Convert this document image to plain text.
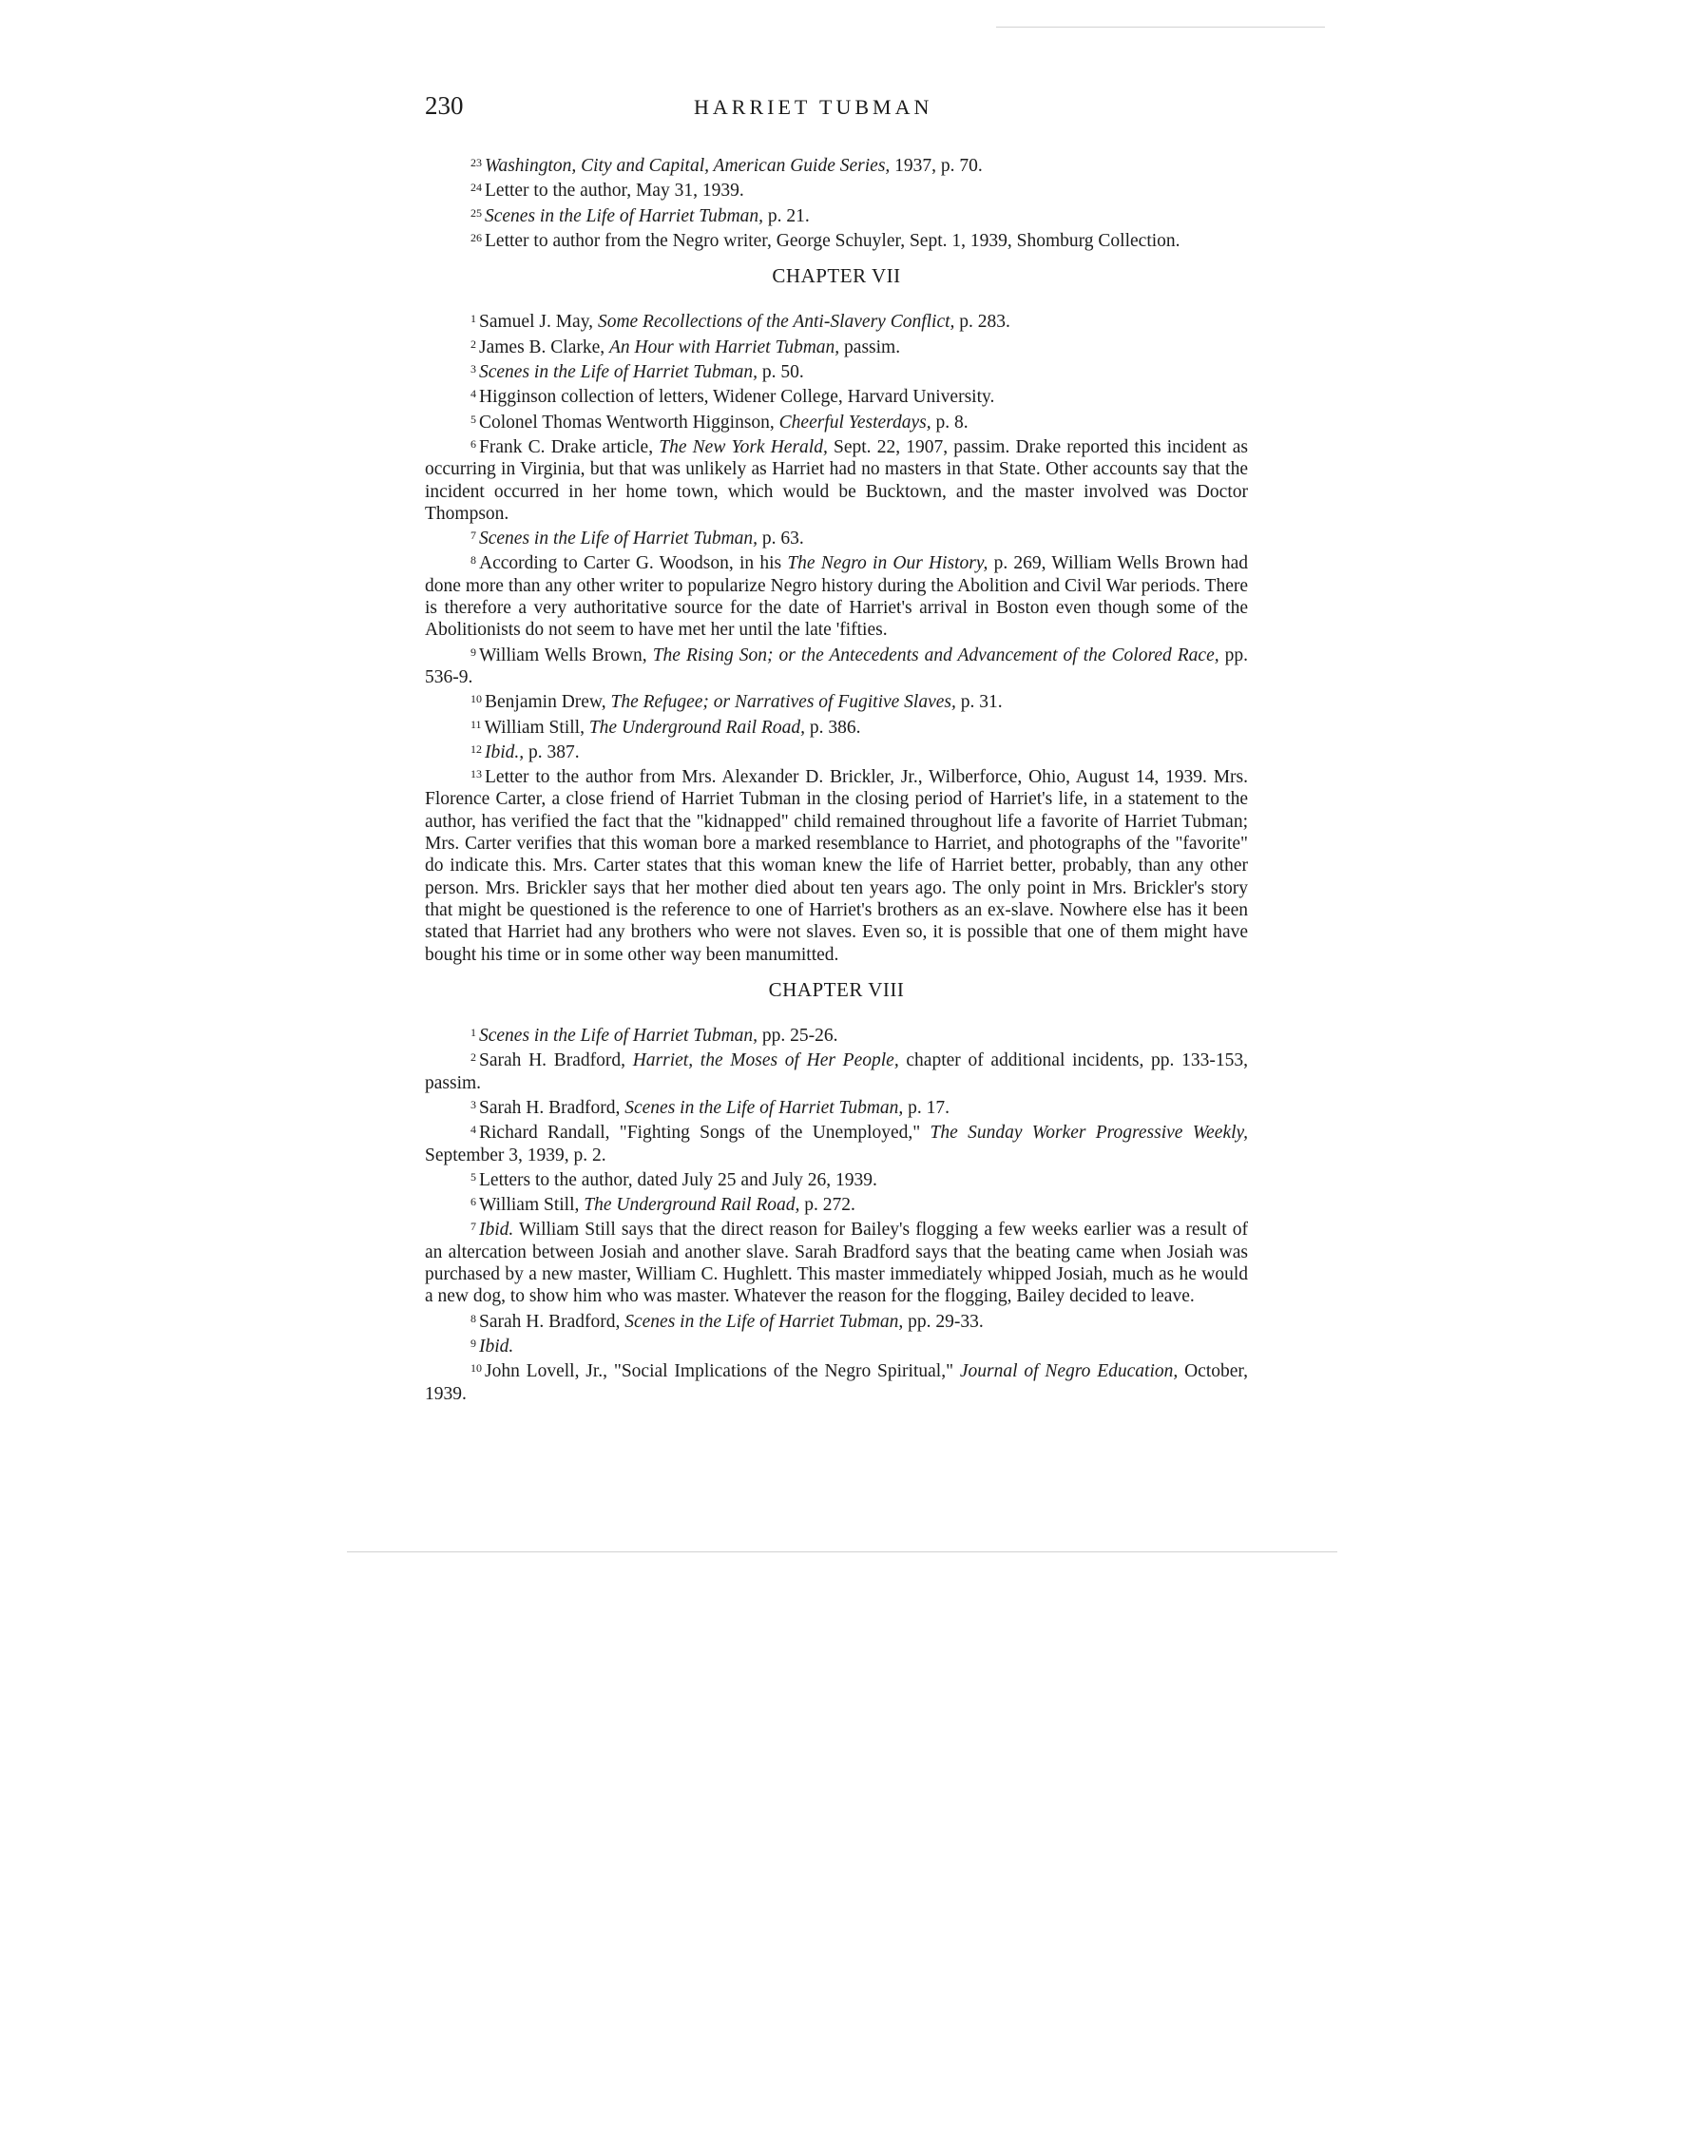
230	HARRIET TUBMAN

$^{23}$ Washington, City and Capital, American Guide Series, 1937, p. 70.

$^{24}$ Letter to the author, May 31, 1939.

$^{25}$ Scenes in the Life of Harriet Tubman, p. 21.

$^{26}$ Letter to author from the Negro writer, George Schuyler, Sept. 1, 1939, Shomburg Collection.

CHAPTER VII

$^1$ Samuel J. May, Some Recollections of the Anti-Slavery Conflict, p. 283.

$^2$ James B. Clarke, An Hour with Harriet Tubman, passim.

$^3$ Scenes in the Life of Harriet Tubman, p. 50.

$^4$ Higginson collection of letters, Widener College, Harvard University.

$^5$ Colonel Thomas Wentworth Higginson, Cheerful Yesterdays, p. 8.

$^6$ Frank C. Drake article, The New York Herald, Sept. 22, 1907, passim. Drake reported this incident as occurring in Virginia, but that was unlikely as Harriet had no masters in that State. Other accounts say that the incident occurred in her home town, which would be Bucktown, and the master involved was Doctor Thompson.

$^7$ Scenes in the Life of Harriet Tubman, p. 63.

$^8$ According to Carter G. Woodson, in his The Negro in Our History, p. 269, William Wells Brown had done more than any other writer to popularize Negro history during the Abolition and Civil War periods. There is therefore a very authoritative source for the date of Harriet's arrival in Boston even though some of the Abolitionists do not seem to have met her until the late 'fifties.

$^9$ William Wells Brown, The Rising Son; or the Antecedents and Advancement of the Colored Race, pp. 536-9.

$^{10}$ Benjamin Drew, The Refugee; or Narratives of Fugitive Slaves, p. 31.

$^{11}$ William Still, The Underground Rail Road, p. 386.

$^{12}$ Ibid., p. 387.

$^{13}$ Letter to the author from Mrs. Alexander D. Brickler, Jr., Wilberforce, Ohio, August 14, 1939. Mrs. Florence Carter, a close friend of Harriet Tubman in the closing period of Harriet's life, in a statement to the author, has verified the fact that the "kidnapped" child remained throughout life a favorite of Harriet Tubman; Mrs. Carter verifies that this woman bore a marked resemblance to Harriet, and photographs of the "favorite" do indicate this. Mrs. Carter states that this woman knew the life of Harriet better, probably, than any other person. Mrs. Brickler says that her mother died about ten years ago. The only point in Mrs. Brickler's story that might be questioned is the reference to one of Harriet's brothers as an ex-slave. Nowhere else has it been stated that Harriet had any brothers who were not slaves. Even so, it is possible that one of them might have bought his time or in some other way been manumitted.

CHAPTER VIII

$^1$ Scenes in the Life of Harriet Tubman, pp. 25-26.

$^2$ Sarah H. Bradford, Harriet, the Moses of Her People, chapter of additional incidents, pp. 133-153, passim.

$^3$ Sarah H. Bradford, Scenes in the Life of Harriet Tubman, p. 17.

$^4$ Richard Randall, "Fighting Songs of the Unemployed," The Sunday Worker Progressive Weekly, September 3, 1939, p. 2.

$^5$ Letters to the author, dated July 25 and July 26, 1939.

$^6$ William Still, The Underground Rail Road, p. 272.

$^7$ Ibid. William Still says that the direct reason for Bailey's flogging a few weeks earlier was a result of an altercation between Josiah and another slave. Sarah Bradford says that the beating came when Josiah was purchased by a new master, William C. Hughlett. This master immediately whipped Josiah, much as he would a new dog, to show him who was master. Whatever the reason for the flogging, Bailey decided to leave.

$^8$ Sarah H. Bradford, Scenes in the Life of Harriet Tubman, pp. 29-33.

$^9$ Ibid.

$^{10}$ John Lovell, Jr., "Social Implications of the Negro Spiritual," Journal of Negro Education, October, 1939.
